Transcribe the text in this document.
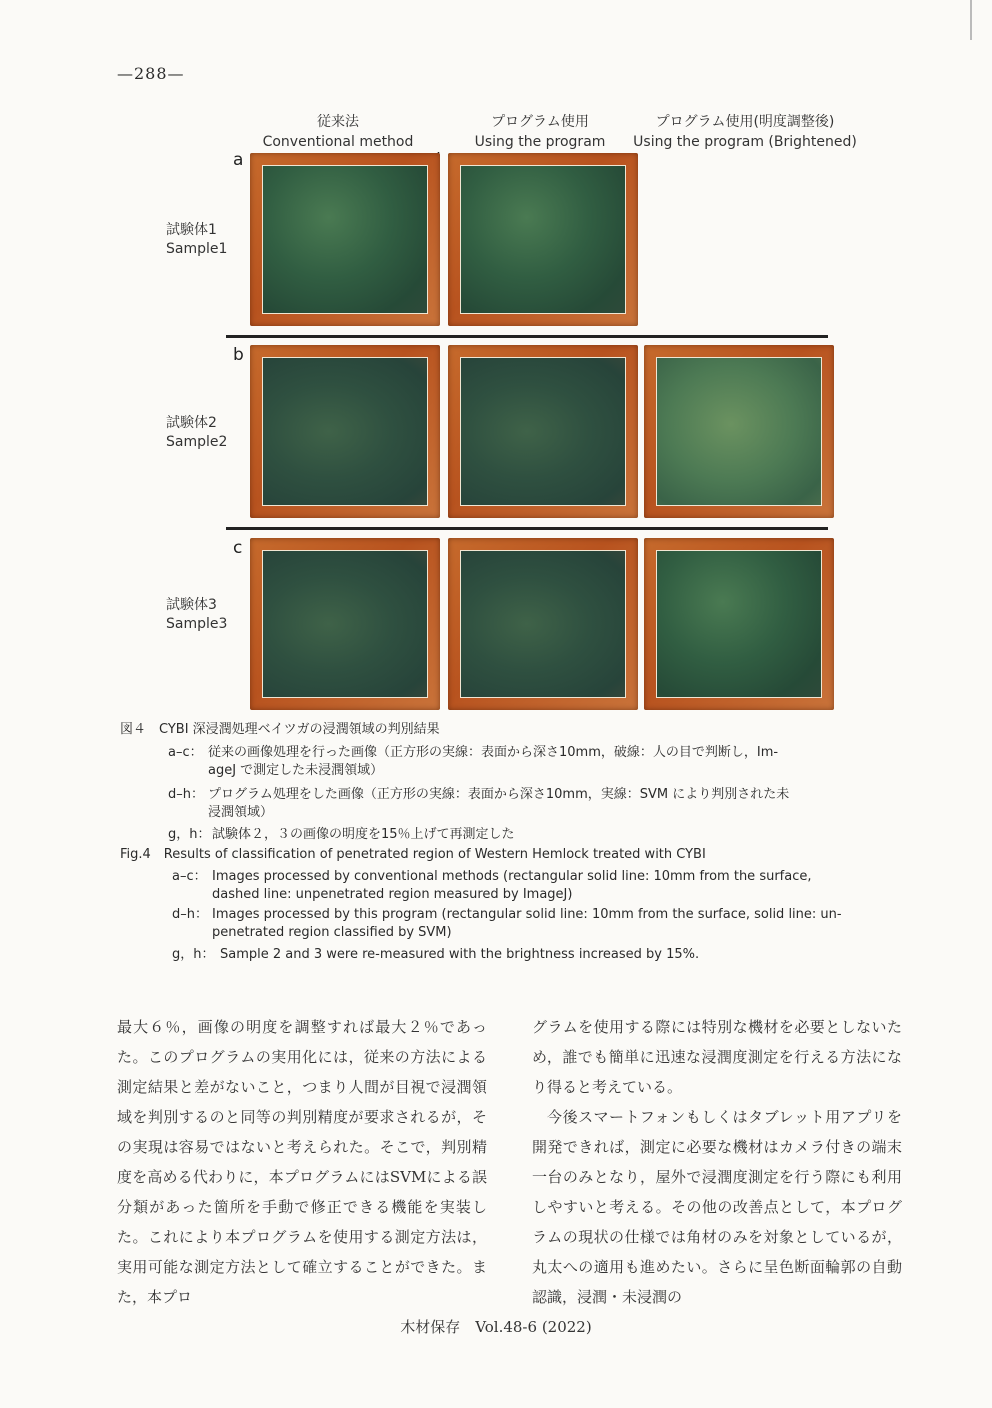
—288—
従来法
Conventional method
プログラム使用
Using the program
プログラム使用(明度調整後)
Using the program (Brightened)
試験体1
Sample1
試験体2
Sample2
試験体3
Sample3
a
b
c
図４　CYBI 深浸潤処理ベイツガの浸潤領域の判別結果
a–c： 従来の画像処理を行った画像（正方形の実線：表面から深さ10mm，破線：人の目で判断し，Im-
ageJ で測定した未浸潤領域）
d–h： プログラム処理をした画像（正方形の実線：表面から深さ10mm，実線：SVM により判別された未
浸潤領域）
g，h： 試験体２，３の画像の明度を15％上げて再測定した
Fig.4　Results of classification of penetrated region of Western Hemlock treated with CYBI
a–c： Images processed by conventional methods (rectangular solid line: 10mm from the surface,
dashed line: unpenetrated region measured by ImageJ)
d–h： Images processed by this program (rectangular solid line: 10mm from the surface, solid line: un-
penetrated region classified by SVM)
g，h： Sample 2 and 3 were re-measured with the brightness increased by 15%.

最大６％，画像の明度を調整すれば最大２％であった。このプログラムの実用化には，従来の方法による測定結果と差がないこと，つまり人間が目視で浸潤領域を判別するのと同等の判別精度が要求されるが，その実現は容易ではないと考えられた。そこで，判別精度を高める代わりに，本プログラムにはSVMによる誤分類があった箇所を手動で修正できる機能を実装した。これにより本プログラムを使用する測定方法は，実用可能な測定方法として確立することができた。また，本プロ

グラムを使用する際には特別な機材を必要としないため，誰でも簡単に迅速な浸潤度測定を行える方法になり得ると考えている。

今後スマートフォンもしくはタブレット用アプリを開発できれば，測定に必要な機材はカメラ付きの端末一台のみとなり，屋外で浸潤度測定を行う際にも利用しやすいと考える。その他の改善点として，本プログラムの現状の仕様では角材のみを対象としているが，丸太への適用も進めたい。さらに呈色断面輪郭の自動認識，浸潤・未浸潤の

木材保存　Vol.48-6 (2022)
